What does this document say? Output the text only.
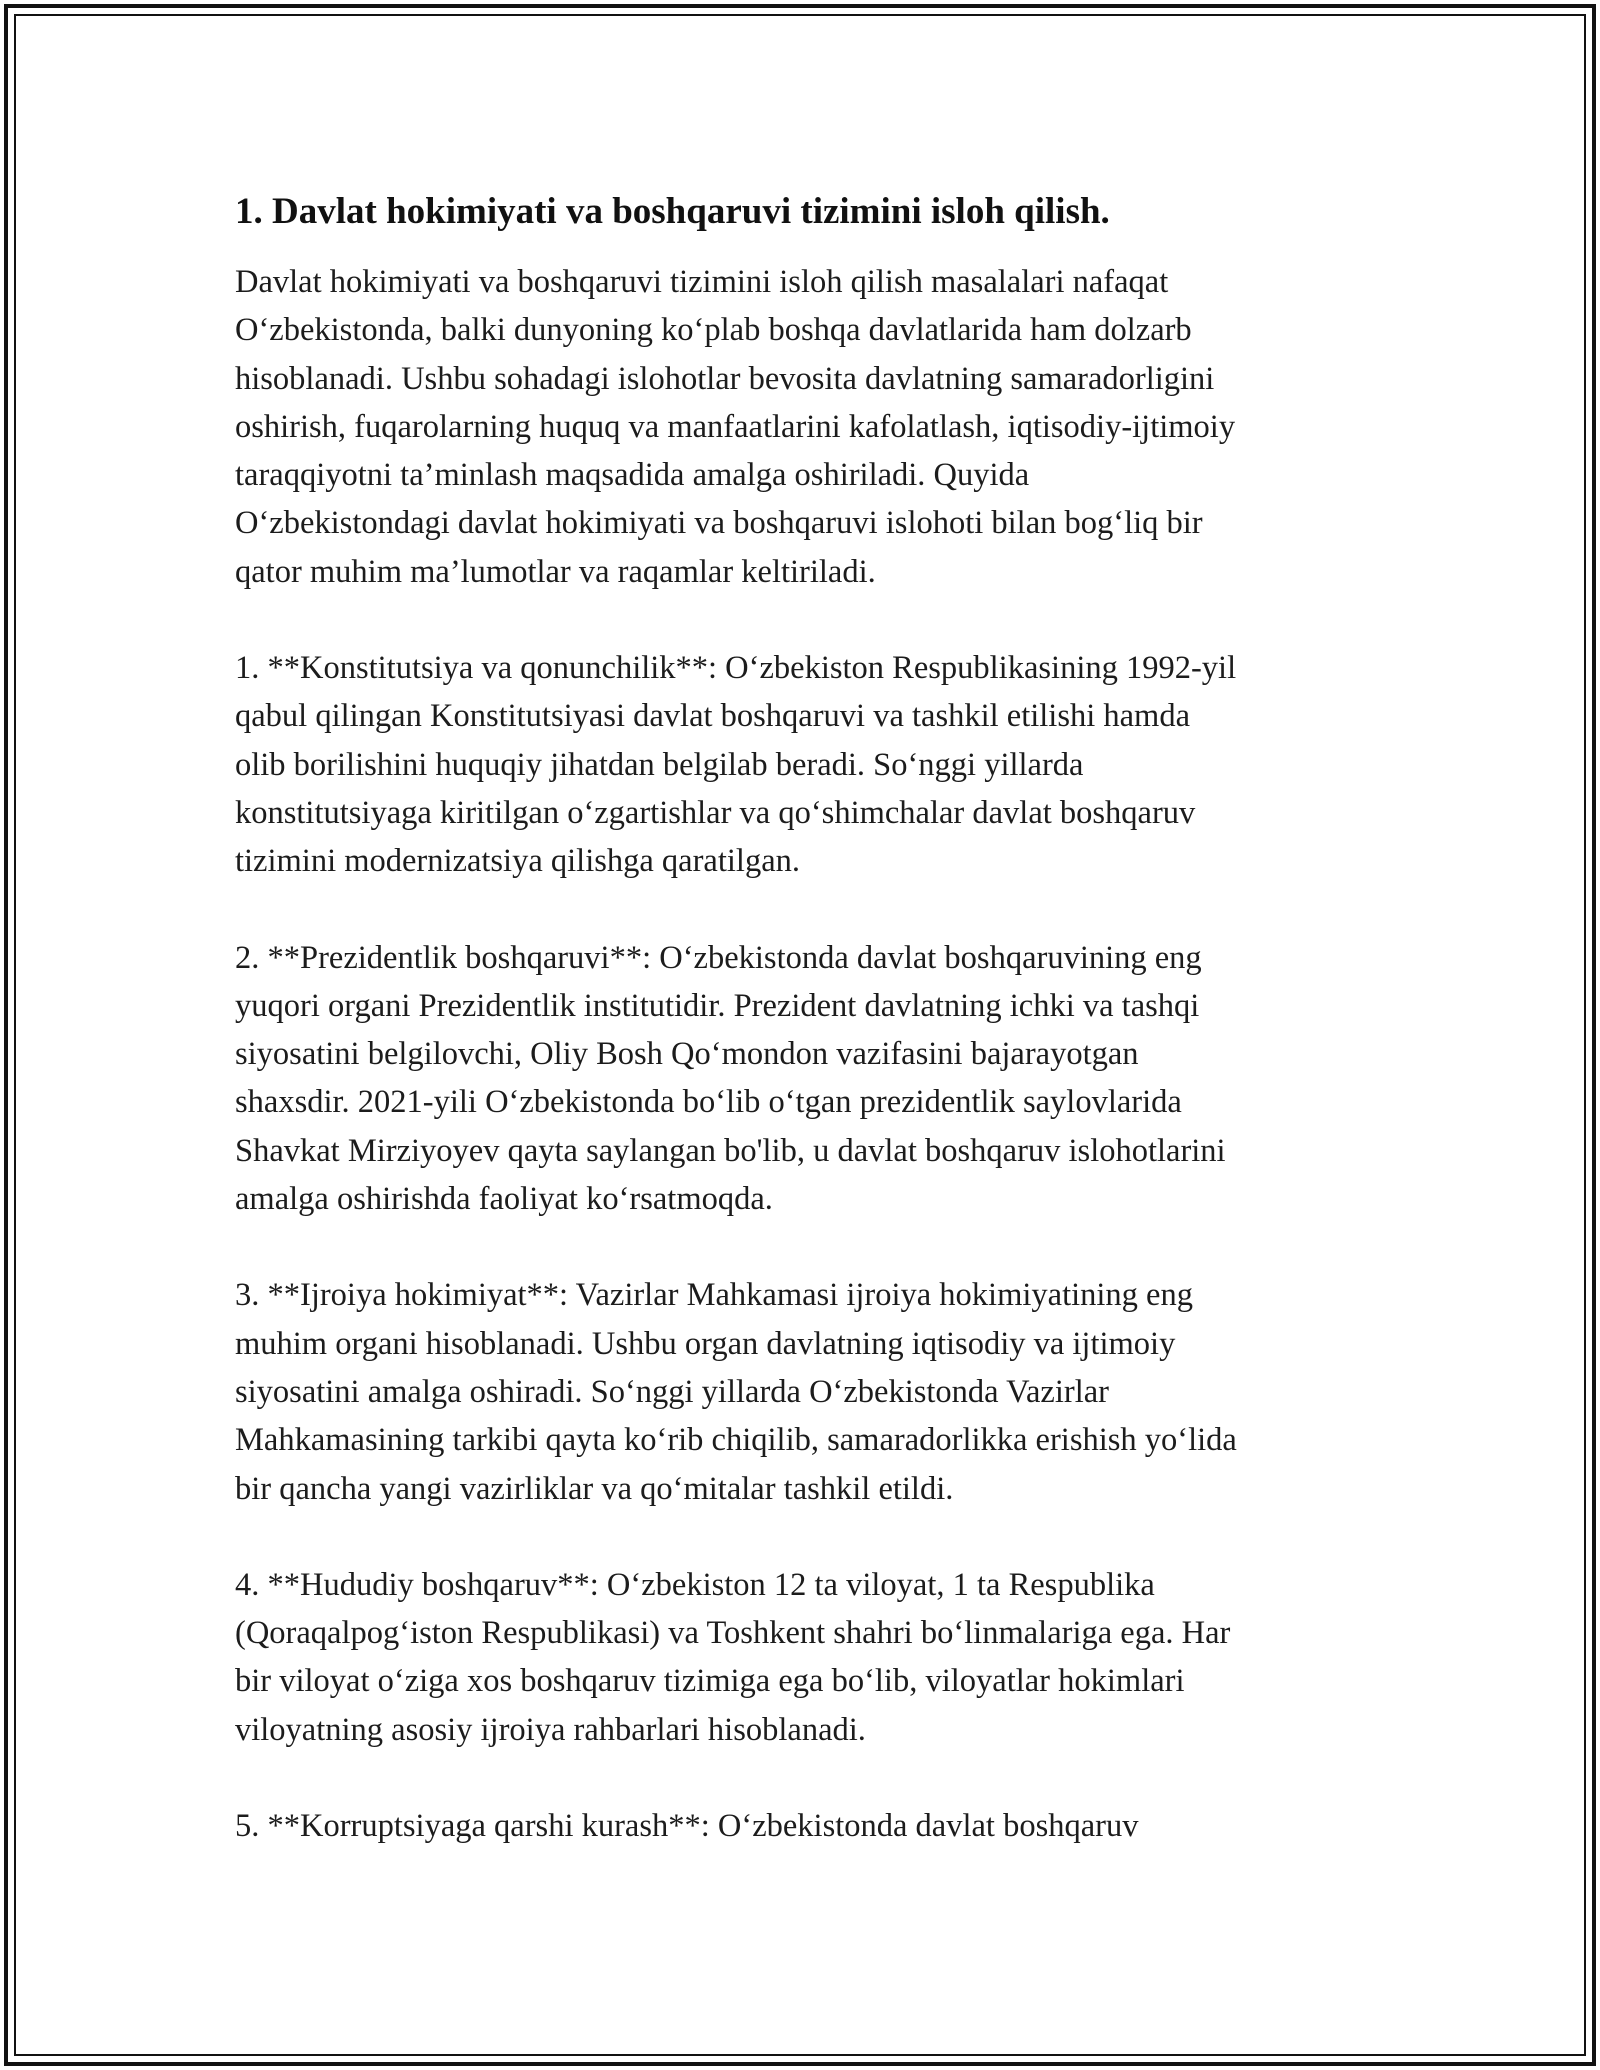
1. Davlat hokimiyati va boshqaruvi tizimini isloh qilish.

Davlat hokimiyati va boshqaruvi tizimini isloh qilish masalalari nafaqat
Oʻzbekistonda, balki dunyoning koʻplab boshqa davlatlarida ham dolzarb
hisoblanadi. Ushbu sohadagi islohotlar bevosita davlatning samaradorligini
oshirish, fuqarolarning huquq va manfaatlarini kafolatlash, iqtisodiy-ijtimoiy
taraqqiyotni ta’minlash maqsadida amalga oshiriladi. Quyida
Oʻzbekistondagi davlat hokimiyati va boshqaruvi islohoti bilan bogʻliq bir
qator muhim ma’lumotlar va raqamlar keltiriladi.

1. **Konstitutsiya va qonunchilik**: Oʻzbekiston Respublikasining 1992-yil
qabul qilingan Konstitutsiyasi davlat boshqaruvi va tashkil etilishi hamda
olib borilishini huquqiy jihatdan belgilab beradi. Soʻnggi yillarda
konstitutsiyaga kiritilgan oʻzgartishlar va qoʻshimchalar davlat boshqaruv
tizimini modernizatsiya qilishga qaratilgan.

2. **Prezidentlik boshqaruvi**: Oʻzbekistonda davlat boshqaruvining eng
yuqori organi Prezidentlik institutidir. Prezident davlatning ichki va tashqi
siyosatini belgilovchi, Oliy Bosh Qoʻmondon vazifasini bajarayotgan
shaxsdir. 2021-yili Oʻzbekistonda boʻlib oʻtgan prezidentlik saylovlarida
Shavkat Mirziyoyev qayta saylangan bo'lib, u davlat boshqaruv islohotlarini
amalga oshirishda faoliyat koʻrsatmoqda.

3. **Ijroiya hokimiyat**: Vazirlar Mahkamasi ijroiya hokimiyatining eng
muhim organi hisoblanadi. Ushbu organ davlatning iqtisodiy va ijtimoiy
siyosatini amalga oshiradi. Soʻnggi yillarda Oʻzbekistonda Vazirlar
Mahkamasining tarkibi qayta koʻrib chiqilib, samaradorlikka erishish yoʻlida
bir qancha yangi vazirliklar va qoʻmitalar tashkil etildi.

4. **Hududiy boshqaruv**: Oʻzbekiston 12 ta viloyat, 1 ta Respublika
(Qoraqalpogʻiston Respublikasi) va Toshkent shahri boʻlinmalariga ega. Har
bir viloyat oʻziga xos boshqaruv tizimiga ega boʻlib, viloyatlar hokimlari
viloyatning asosiy ijroiya rahbarlari hisoblanadi.

5. **Korruptsiyaga qarshi kurash**: Oʻzbekistonda davlat boshqaruv
